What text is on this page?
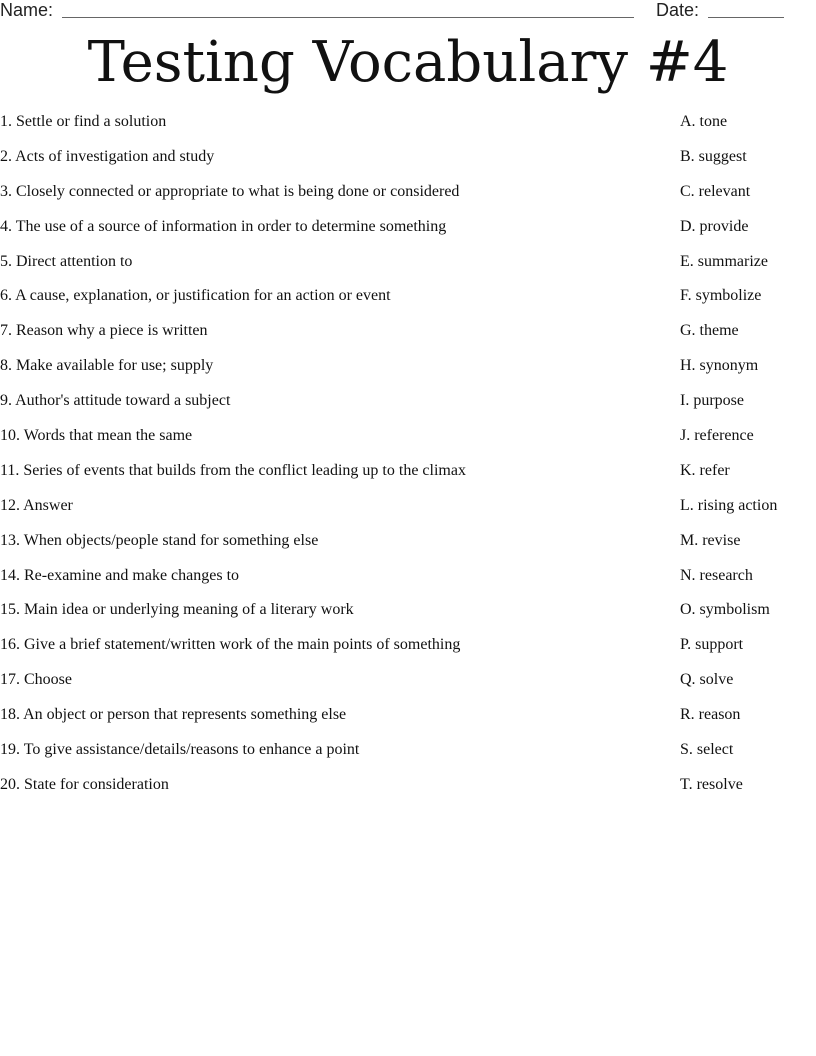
Name:	Date:
Testing Vocabulary #4
1. Settle or find a solution
2. Acts of investigation and study
3. Closely connected or appropriate to what is being done or considered
4. The use of a source of information in order to determine something
5. Direct attention to
6. A cause, explanation, or justification for an action or event
7. Reason why a piece is written
8. Make available for use; supply
9. Author's attitude toward a subject
10. Words that mean the same
11. Series of events that builds from the conflict leading up to the climax
12. Answer
13. When objects/people stand for something else
14. Re-examine and make changes to
15. Main idea or underlying meaning of a literary work
16. Give a brief statement/written work of the main points of something
17. Choose
18. An object or person that represents something else
19. To give assistance/details/reasons to enhance a point
20. State for consideration
A. tone
B. suggest
C. relevant
D. provide
E. summarize
F. symbolize
G. theme
H. synonym
I. purpose
J. reference
K. refer
L. rising action
M. revise
N. research
O. symbolism
P. support
Q. solve
R. reason
S. select
T. resolve
